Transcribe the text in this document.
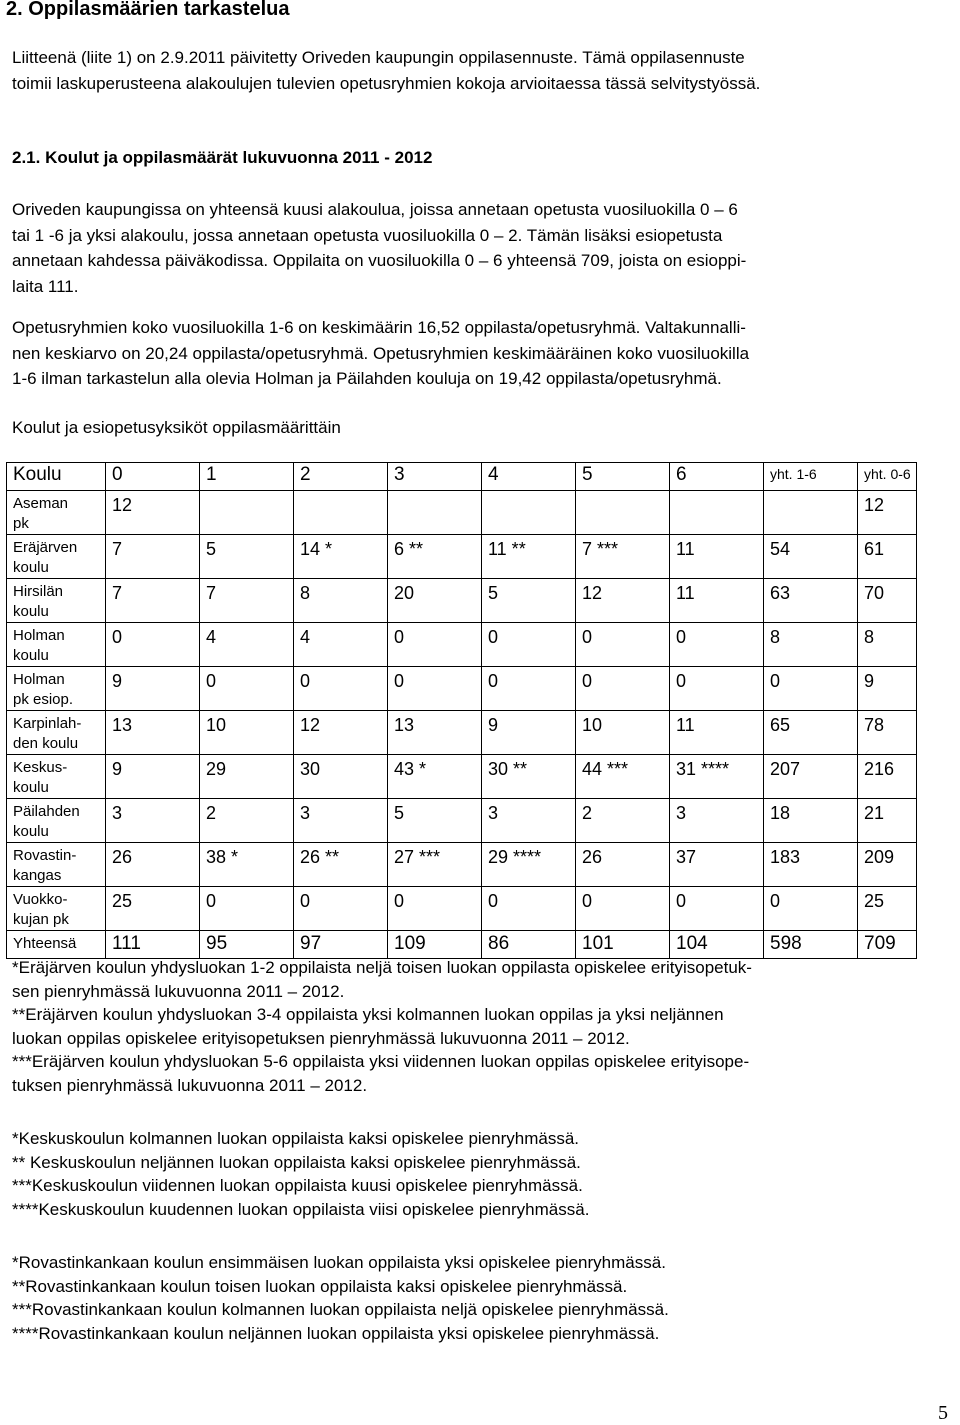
2. Oppilasmäärien tarkastelua
Liitteenä (liite 1) on 2.9.2011 päivitetty Oriveden kaupungin oppilasennuste. Tämä oppilasennuste
toimii laskuperusteena alakoulujen tulevien opetusryhmien kokoja arvioitaessa tässä selvitystyössä.
2.1. Koulut ja oppilasmäärät lukuvuonna 2011 - 2012
Oriveden kaupungissa on yhteensä kuusi alakoulua, joissa annetaan opetusta vuosiluokilla 0 – 6
tai 1 -6 ja yksi alakoulu, jossa annetaan opetusta vuosiluokilla 0 – 2. Tämän lisäksi esiopetusta
annetaan kahdessa päiväkodissa. Oppilaita on vuosiluokilla 0 – 6 yhteensä 709, joista on esioppi-
laita 111.
Opetusryhmien koko vuosiluokilla 1-6 on keskimäärin 16,52 oppilasta/opetusryhmä. Valtakunnalli-
nen keskiarvo on 20,24 oppilasta/opetusryhmä. Opetusryhmien keskimääräinen koko vuosiluokilla
1-6 ilman tarkastelun alla olevia Holman ja Päilahden kouluja on 19,42 oppilasta/opetusryhmä.
Koulut ja esiopetusyksiköt oppilasmäärittäin
Koulu	0	1	2	3	4	5	6	yht. 1-6	yht. 0-6

Aseman
pk	12								12

Eräjärven
koulu	7	5	14 *	6 **	11 **	7 ***	11	54	61

Hirsilän
koulu	7	7	8	20	5	12	11	63	70

Holman
koulu	0	4	4	0	0	0	0	8	8

Holman
pk esiop.	9	0	0	0	0	0	0	0	9

Karpinlah-
den koulu	13	10	12	13	9	10	11	65	78

Keskus-
koulu	9	29	30	43 *	30 **	44 ***	31 ****	207	216

Päilahden
koulu	3	2	3	5	3	2	3	18	21

Rovastin-
kangas	26	38 *	26 **	27 ***	29 ****	26	37	183	209

Vuokko-
kujan pk	25	0	0	0	0	0	0	0	25
Yhteensä	111	95	97	109	86	101	104	598	709
*Eräjärven koulun yhdysluokan 1-2 oppilaista neljä toisen luokan oppilasta opiskelee erityisopetuk-
sen pienryhmässä lukuvuonna 2011 – 2012.
**Eräjärven koulun yhdysluokan 3-4 oppilaista yksi kolmannen luokan oppilas ja yksi neljännen
luokan oppilas opiskelee erityisopetuksen pienryhmässä lukuvuonna 2011 – 2012.
***Eräjärven koulun yhdysluokan 5-6 oppilaista yksi viidennen luokan oppilas opiskelee erityisope-
tuksen pienryhmässä lukuvuonna 2011 – 2012.
*Keskuskoulun kolmannen luokan oppilaista kaksi opiskelee pienryhmässä.
** Keskuskoulun neljännen luokan oppilaista kaksi opiskelee pienryhmässä.
***Keskuskoulun viidennen luokan oppilaista kuusi opiskelee pienryhmässä.
****Keskuskoulun kuudennen luokan oppilaista viisi opiskelee pienryhmässä.
*Rovastinkankaan koulun ensimmäisen luokan oppilaista yksi opiskelee pienryhmässä.
**Rovastinkankaan koulun toisen luokan oppilaista kaksi opiskelee pienryhmässä.
***Rovastinkankaan koulun kolmannen luokan oppilaista neljä opiskelee pienryhmässä.
****Rovastinkankaan koulun neljännen luokan oppilaista yksi opiskelee pienryhmässä.
5
